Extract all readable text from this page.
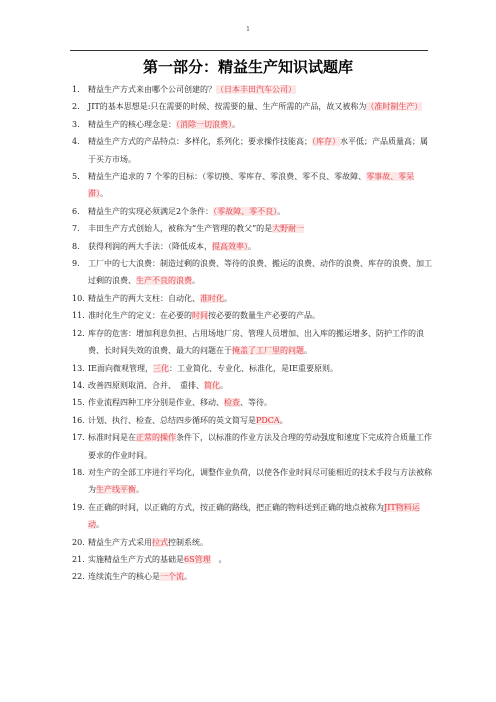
1
第一部分：精益生产知识试题库
1. 精益生产方式来由哪个公司创建的？（日本丰田汽车公司）
2. JIT的基本思想是:只在需要的时候、按需要的量、生产所需的产品，故又被称为（准时制生产）
3. 精益生产的核心理念是：（消除一切浪费）。
4. 精益生产方式的产品特点：多样化，系列化；要求操作技能高；（库存）水平低；产品质量高；属于买方市场。
5. 精益生产追求的 7 个零的目标：（零切换、零库存、零浪费、零不良、零故障、零事故、零呆滞）。
6. 精益生产的实现必须满足2个条件：（零故障、零不良）。
7. 丰田生产方式创始人，被称为“生产管理的教父”的是大野耐一
8. 获得利润的两大手法：（降低成本，提高效率）。
9. 工厂中的七大浪费：制造过剩的浪费、等待的浪费、搬运的浪费、动作的浪费、库存的浪费、加工过剩的浪费、生产不良的浪费。
10. 精益生产的两大支柱：自动化、准时化。
11. 准时化生产的定义：在必要的时间按必要的数量生产必要的产品。
12. 库存的危害：增加利息负担、占用场地厂房、管理人员增加、出入库的搬运增多、防护工作的浪费、长时间失效的浪费、最大的问题在于掩盖了工厂里的问题。
13. IE面向微观管理，三化：工业简化、专业化、标准化，是IE重要原则。
14. 改善四原则取消、合并、　重排、简化。
15. 作业流程四种工序分别是作业、移动、检查、等待。
16. 计划、执行、检查、总结四步循环的英文简写是PDCA。
17. 标准时间是在正常的操作条件下，以标准的作业方法及合理的劳动强度和速度下完成符合质量工作要求的作业时间。
18. 对生产的全部工序进行平均化，调整作业负荷，以使各作业时间尽可能相近的技术手段与方法被称为生产线平衡。
19. 在正确的时间，以正确的方式，按正确的路线，把正确的物料送到正确的地点被称为JIT物料运动。
20. 精益生产方式采用拉式控制系统。
21. 实施精益生产方式的基础是6S管理　。
22. 连续流生产的核心是一个流。
